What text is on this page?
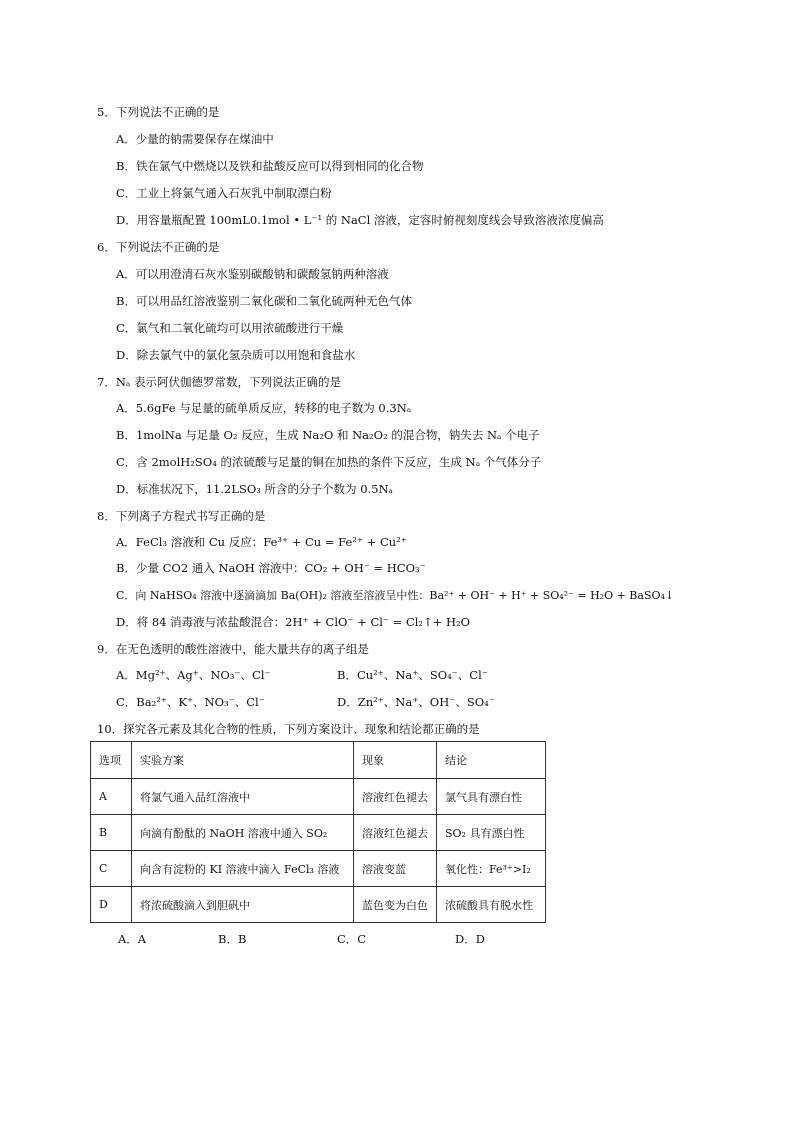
5．下列说法不正确的是
A．少量的钠需要保存在煤油中
B．铁在氯气中燃烧以及铁和盐酸反应可以得到相同的化合物
C．工业上将氯气通入石灰乳中制取漂白粉
D．用容量瓶配置 100mL0.1mol • L⁻¹ 的 NaCl 溶液，定容时俯视刻度线会导致溶液浓度偏高
6．下列说法不正确的是
A．可以用澄清石灰水鉴别碳酸钠和碳酸氢钠两种溶液
B．可以用品红溶液鉴别二氧化碳和二氧化硫两种无色气体
C．氯气和二氧化硫均可以用浓硫酸进行干燥
D．除去氯气中的氯化氢杂质可以用饱和食盐水
7．Nₐ 表示阿伏伽德罗常数，下列说法正确的是
A．5.6gFe 与足量的硫单质反应，转移的电子数为 0.3Nₐ
B．1molNa 与足量 O₂ 反应，生成 Na₂O 和 Na₂O₂ 的混合物，钠失去 Nₐ 个电子
C．含 2molH₂SO₄ 的浓硫酸与足量的铜在加热的条件下反应，生成 Nₐ 个气体分子
D．标准状况下，11.2LSO₃ 所含的分子个数为 0.5Nₐ
8．下列离子方程式书写正确的是
A．FeCl₃ 溶液和 Cu 反应：Fe³⁺ + Cu = Fe²⁺ + Cu²⁺
B．少量 CO2 通入 NaOH 溶液中：CO₂ + OH⁻ = HCO₃⁻
C．向 NaHSO₄ 溶液中逐滴滴加 Ba(OH)₂ 溶液至溶液呈中性：Ba²⁺ + OH⁻ + H⁺ + SO₄²⁻ = H₂O + BaSO₄↓
D．将 84 消毒液与浓盐酸混合：2H⁺ + ClO⁻ + Cl⁻ = Cl₂↑+ H₂O
9．在无色透明的酸性溶液中，能大量共存的离子组是
A．Mg²⁺、Ag⁺、NO₃⁻、Cl⁻	B．Cu²⁺、Na⁺、SO₄⁻、Cl⁻
C．Ba₂²⁺、K⁺、NO₃⁻、Cl⁻	D．Zn²⁺、Na⁺、OH⁻、SO₄⁻
10．探究各元素及其化合物的性质，下列方案设计、现象和结论都正确的是
选项	实验方案	现象	结论
A	将氯气通入品红溶液中	溶液红色褪去	氯气具有漂白性
B	向滴有酚酞的 NaOH 溶液中通入 SO₂	溶液红色褪去	SO₂ 具有漂白性
C	向含有淀粉的 KI 溶液中滴入 FeCl₃ 溶液	溶液变蓝	氧化性：Fe³⁺>I₂
D	将浓硫酸滴入到胆矾中	蓝色变为白色	浓硫酸具有脱水性
A．A	B．B	C．C	D．D
